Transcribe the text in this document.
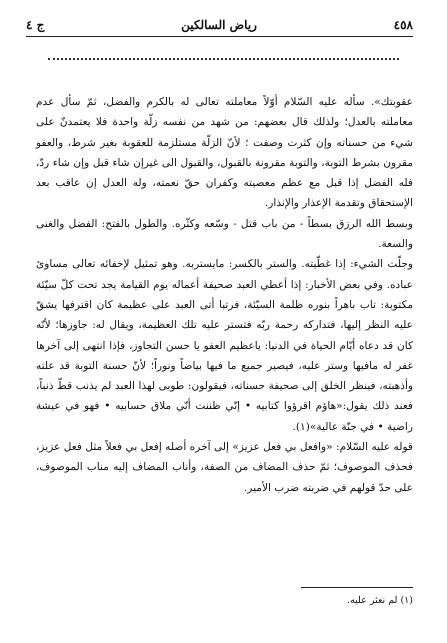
٤٥٨
رياض السالكين
ج ٤

عقوبتك». سأله عليه السّلام أوّلاً معاملته تعالى له بالكرم والفضل، ثمّ سأل عدم معاملته بالعدل؛ ولذلك قال بعضهم: من شهد من نفسه زلّة واحدة فلا يعتمدنّ على شيء من حسناته وإن كثرت وصفت ؛ لأنّ الزلّة مستلزمة للعقوبة بغير شرط، والعفو مقرون بشرط التوبة، والتوبة مقرونة بالقبول، والقبول الى غيرإن شاء قبل وإن شاء ردّ، فله الفضل إذا قبل مع عظم معصيته وكفران حقّ نعمته، وله العدل إن عاقب بعد الإستحقاق وتقدمة الإعذار والإنذار.

وبسط الله الرزق بسطاً - من باب قتل - وسّعه وكثّره. والطول بالفتح: الفضل والغنى والسعة.

وجلّت الشيء: إذا غطّيته. والستر بالكسر: مايستربه. وهو تمثيل لإخفائه تعالى مساوئ عباده. وفي بعض الأخبار: إذا أعطي العبد صحيفة أعماله يوم القيامة يجد تحت كلّ سيّئة مكتوبة: تاب باهراً بنوره ظلمة السيّئة، فرتبا أتى العبد على عظيمة كان اقترفها يشقّ عليه النظر إليها، فتداركه رحمة ربّه فتستر عليه تلك العظيمة، ويقال له: جاوزها؛ لأنّه كان قد دعاه أيّام الحياة في الدنيا: ياعظيم العفو يا حسن التجاوز، فإذا انتهى إلى آخرها غفر له مافيها وستر عليه، فيصير جميع ما فيها بياضاً ونوراً؛ لأنّ حسنة التوبة قد علته وأذهبته، فينظر الخلق إلى صحيفة حسناته، فيقولون: طوبى لهذا العبد لم يذنب قطّ ذنباً، فعند ذلك يقول:«هاؤم اقرؤوا كتابيه • إنّي ظننت أنّي ملاق حسابيه • فهو في عيشة راضية • في جنّة عالية»(١).

قوله عليه السّلام: «وافعل بي فعل عزيز» إلى آخره أصله إفعل بي فعلاً مثل فعل عزيز، فحذف الموصوف؛ ثمّ حذف المضاف من الصفة، وأناب المضاف إليه مناب الموصوف، على حدّ قولهم في ضربته ضرب الأمير.

(١) لم نعثر عليه.
